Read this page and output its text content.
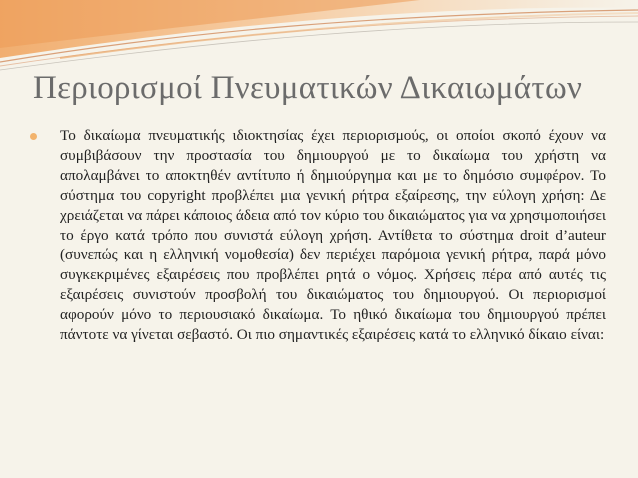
Περιορισμοί Πνευματικών Δικαιωμάτων

Το δικαίωμα πνευματικής ιδιοκτησίας έχει περιορισμούς, οι οποίοι σκοπό έχουν να συμβιβάσουν την προστασία του δημιουργού με το δικαίωμα του χρήστη να απολαμβάνει το αποκτηθέν αντίτυπο ή δημιούργημα και με το δημόσιο συμφέρον. Το σύστημα του copyright προβλέπει μια γενική ρήτρα εξαίρεσης, την εύλογη χρήση: Δε χρειάζεται να πάρει κάποιος άδεια από τον κύριο του δικαιώματος για να χρησιμοποιήσει το έργο κατά τρόπο που συνιστά εύλογη χρήση. Αντίθετα το σύστημα droit d’auteur (συνεπώς και η ελληνική νομοθεσία) δεν περιέχει παρόμοια γενική ρήτρα, παρά μόνο συγκεκριμένες εξαιρέσεις που προβλέπει ρητά ο νόμος. Χρήσεις πέρα από αυτές τις εξαιρέσεις συνιστούν προσβολή του δικαιώματος του δημιουργού. Οι περιορισμοί αφορούν μόνο το περιουσιακό δικαίωμα. Το ηθικό δικαίωμα του δημιουργού πρέπει πάντοτε να γίνεται σεβαστό. Οι πιο σημαντικές εξαιρέσεις κατά το ελληνικό δίκαιο είναι:
